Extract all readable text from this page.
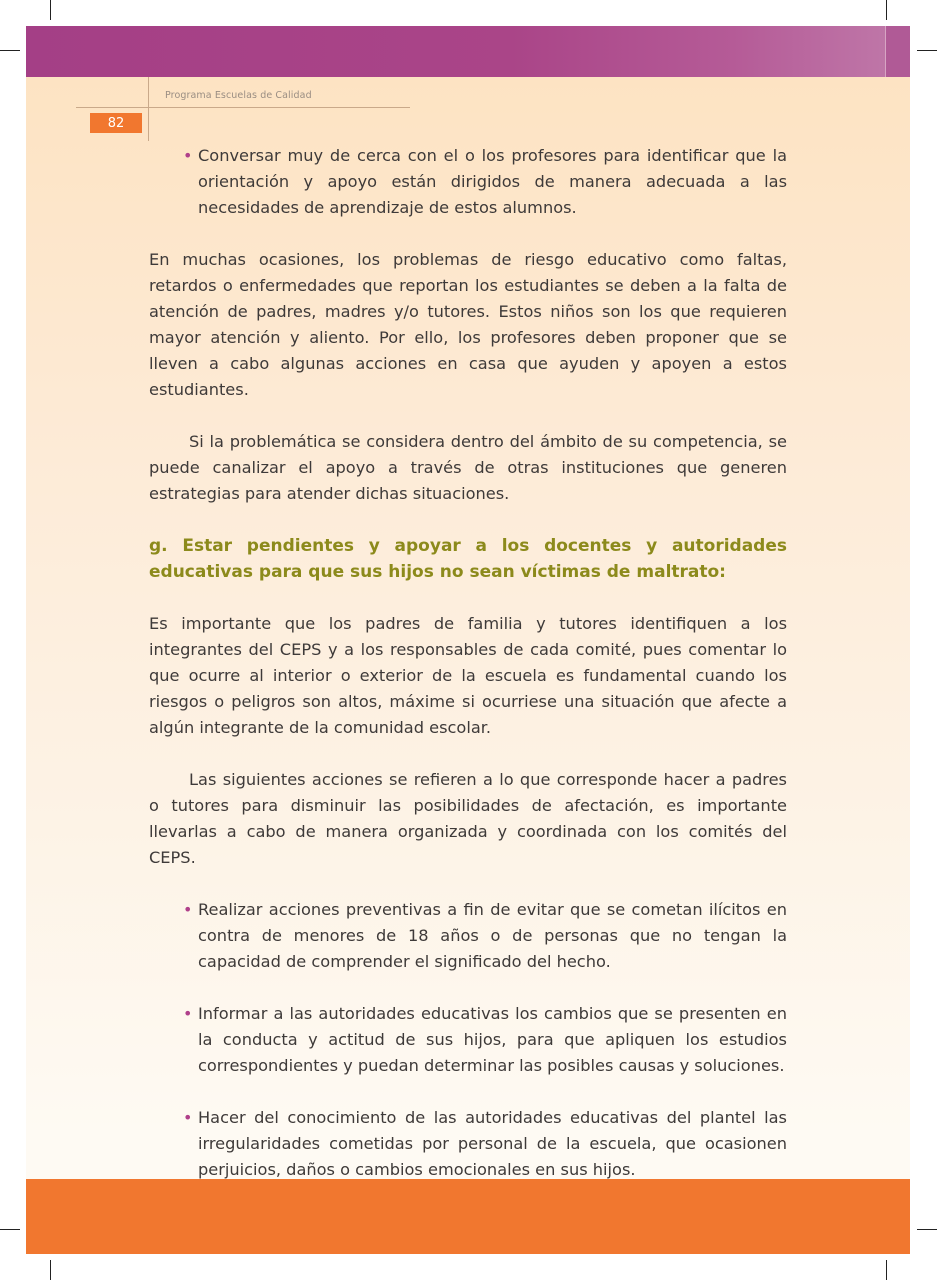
Programa Escuelas de Calidad
82

• Conversar muy de cerca con el o los profesores para identificar que la orientación y apoyo están dirigidos de manera adecuada a las necesidades de aprendizaje de estos alumnos.

En muchas ocasiones, los problemas de riesgo educativo como faltas, retardos o enfermedades que reportan los estudiantes se deben a la falta de atención de padres, madres y/o tutores. Estos niños son los que requieren mayor atención y aliento. Por ello, los profesores deben proponer que se lleven a cabo algunas acciones en casa que ayuden y apoyen a estos estudiantes.

Si la problemática se considera dentro del ámbito de su competencia, se puede canalizar el apoyo a través de otras instituciones que generen estrategias para atender dichas situaciones.

g. Estar pendientes y apoyar a los docentes y autoridades educativas para que sus hijos no sean víctimas de maltrato:

Es importante que los padres de familia y tutores identifiquen a los integrantes del CEPS y a los responsables de cada comité, pues comentar lo que ocurre al interior o exterior de la escuela es fundamental cuando los riesgos o peligros son altos, máxime si ocurriese una situación que afecte a algún integrante de la comunidad escolar.

Las siguientes acciones se refieren a lo que corresponde hacer a padres o tutores para disminuir las posibilidades de afectación, es importante llevarlas a cabo de manera organizada y coordinada con los comités del CEPS.

• Realizar acciones preventivas a fin de evitar que se cometan ilícitos en contra de menores de 18 años o de personas que no tengan la capacidad de comprender el significado del hecho.

• Informar a las autoridades educativas los cambios que se presenten en la conducta y actitud de sus hijos, para que apliquen los estudios correspondientes y puedan determinar las posibles causas y soluciones.

• Hacer del conocimiento de las autoridades educativas del plantel las irregularidades cometidas por personal de la escuela, que ocasionen perjuicios, daños o cambios emocionales en sus hijos.
